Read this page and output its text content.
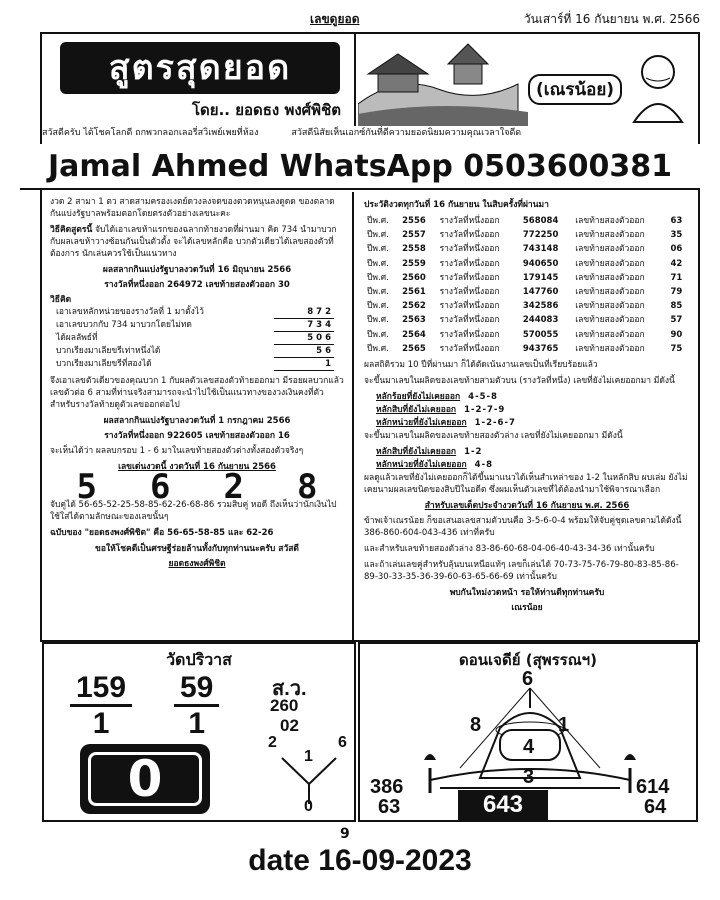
เลขดูยอด	วันเสาร์ที่ 16 กันยายน พ.ศ. 2566
สูตรสุดยอด
โดย.. ยอดธง พงศ์พิชิต
(เณรน้อย)
สวัสดีครับ ได้โชคโลกดี ถกพวกลอกเลอรี่สวิเพย์เพยที่ห้อง	สวัสดีนิสัยเห็นเอกซ์กันที่ดีความยอดนิยมความคุณเวลาใจดีด
Jamal Ahmed WhatsApp 0503600381
งวด 2 สามา 1 ตว สาดสามครองเงตย์ดวงลงจดของตวดหนุนลงดูดด ของตลาดกันแบ่งรัฐบาลพร้อมตอกโดยตรงตัวอย่างเลขนะคะ
วิธีคิดสูตรนี้ จับได้เอาเลขห้าแรกของฉลากท้ายงวดที่ผ่านมา คิด 734 นำมาบวกกับผลเลขห้าวางซ้อนกันเป็นตัวตั้ง จะได้เลขหลักคือ บวกตัวเดียวได้เลขสองตัวที่ต้องการ นักเล่นควรใช้เป็นแนวทาง
ผลสลากกินแบ่งรัฐบาลงวดวันที่ 16 มิถุนายน 2566
รางวัลที่หนึ่งออก 264972 เลขท้ายสองตัวออก 30
วิธีคิด
เอาเลขหลักหน่วยของรางวัลที่ 1 มาตั้งไว้	872
เอาเลขบวกกับ 734 มาบวกโดยไม่ทด	734
ได้ผลลัพธ์ที่	506
บวกเรียงมาเลียขรีเท่าหนึ่งได้	56
บวกเรียงมาเลียขรีที่สองได้	1
จึงเอาเลขตัวเดียวของคุณบวก 1 กับผลตัวเลขสองตัวท้ายออกมา มีรอยผลบวกแล้วเลขตัวต่อ 6 สามที่ท่านจริงสามารถจะนำไปใช้เป็นแนวทางของวงเงินคงที่ตัวสำหรับรางวัลท้ายดูตัวเลขออกต่อไป
ผลสลากกินแบ่งรัฐบาลงวดวันที่ 1 กรกฎาคม 2566
รางวัลที่หนึ่งออก 922605 เลขท้ายสองตัวออก 16
จะเห็นได้ว่า ผลลบกรอบ 1 - 6 มาในเลขท้ายสองตัวต่างทั้งสองตัวจริงๆ
เลขเด่นงวดนี้ งวดวันที่ 16 กันยายน 2566
5 6 2 8
จับคู่ได้ 56-65-52-25-58-85-62-26-68-86 รวมสิบคู่ หอดี ถึงเห็นว่านักเงินไปใช้ใส่ได้ตามลักษณะของเลขนั้นๆ
ฉบับของ "ยอดธงพงศ์พิชิต" คือ 56-65-58-85 และ 62-26
ขอให้โชคดีเป็นศรษฐีร่อยล้านทั้งกับทุกท่านนะครับ สวัสดี
ยอดธงพงศ์พิชิต
ประวัติงวดทุกวันที่ 16 กันยายน ในสิบครั้งที่ผ่านมา
ปีพ.ศ.	2556	รางวัลที่หนึ่งออก	568084	เลขท้ายสองตัวออก	63
ปีพ.ศ.	2557	รางวัลที่หนึ่งออก	772250	เลขท้ายสองตัวออก	35
ปีพ.ศ.	2558	รางวัลที่หนึ่งออก	743148	เลขท้ายสองตัวออก	06
ปีพ.ศ.	2559	รางวัลที่หนึ่งออก	940650	เลขท้ายสองตัวออก	42
ปีพ.ศ.	2560	รางวัลที่หนึ่งออก	179145	เลขท้ายสองตัวออก	71
ปีพ.ศ.	2561	รางวัลที่หนึ่งออก	147760	เลขท้ายสองตัวออก	79
ปีพ.ศ.	2562	รางวัลที่หนึ่งออก	342586	เลขท้ายสองตัวออก	85
ปีพ.ศ.	2563	รางวัลที่หนึ่งออก	244083	เลขท้ายสองตัวออก	57
ปีพ.ศ.	2564	รางวัลที่หนึ่งออก	570055	เลขท้ายสองตัวออก	90
ปีพ.ศ.	2565	รางวัลที่หนึ่งออก	943765	เลขท้ายสองตัวออก	75
ผลสถิติรวม 10 ปีที่ผ่านมา ก็ได้ตัดเน้นงานเลขเป็นที่เรียบร้อยแล้ว
จะขึ้นมาเลขในผลิตของเลขท้ายสามตัวบน (รางวัลที่หนึ่ง) เลขที่ยังไม่เคยออกมา มีดังนี้
หลักร้อยที่ยังไม่เคยออก 4-5-8
หลักสิบที่ยังไม่เคยออก 1-2-7-9
หลักหน่วยที่ยังไม่เคยออก 1-2-6-7
จะขึ้นมาเลขในผลิตของเลขท้ายสองตัวล่าง เลขที่ยังไม่เคยออกมา มีดังนี้
หลักสิบที่ยังไม่เคยออก 1-2
หลักหน่วยที่ยังไม่เคยออก 4-8
ผลดูแล้วเลขที่ยังไม่เคยออกก็ได้ขึ้นมาแนวได้เห็นสำเหล่าของ 1-2 ในหลักสิบ ผบเล่ม ยังไม่เคยนามผลเลขนิดของสิบปีในอดีต ซึ่งผมเห็นตัวเลขที่ได้ต้องนำมาใช้พิจารณาเลือก
สำหรับเลขเด็ดประจำงวดวันที่ 16 กันยายน พ.ศ. 2566
ข้าพเจ้าเณรน้อย ก็ขอเสนอเลขสามตัวบนคือ 3-5-6-0-4 พร้อมให้จับคู่ชุดเลขตามได้ดังนี้ 386-860-604-043-436 เท่าที่ครับ
และสำหรับเลขท้ายสองตัวล่าง 83-86-60-68-04-06-40-43-34-36 เท่านั้นครับ
และถ้าเล่นเลขคู่สำหรับลุ้นบนเหนือแท้ๆ เลขก็เล่นได้ 70-73-75-76-79-80-83-85-86-89-30-33-35-36-39-60-63-65-66-69 เท่านั้นครับ
พบกันใหม่งวดหน้า รอให้ท่านดีทุกท่านครับ
เณรน้อย
วัดปริวาส
$\frac{159}{1} \frac{59}{1}$
0
ส.ว.
260
02
2	6
1
0
ดอนเจดีย์ (สุพรรณฯ)
6
8	1
4
3
386
63	643
614
64
9
date 16-09-2023
